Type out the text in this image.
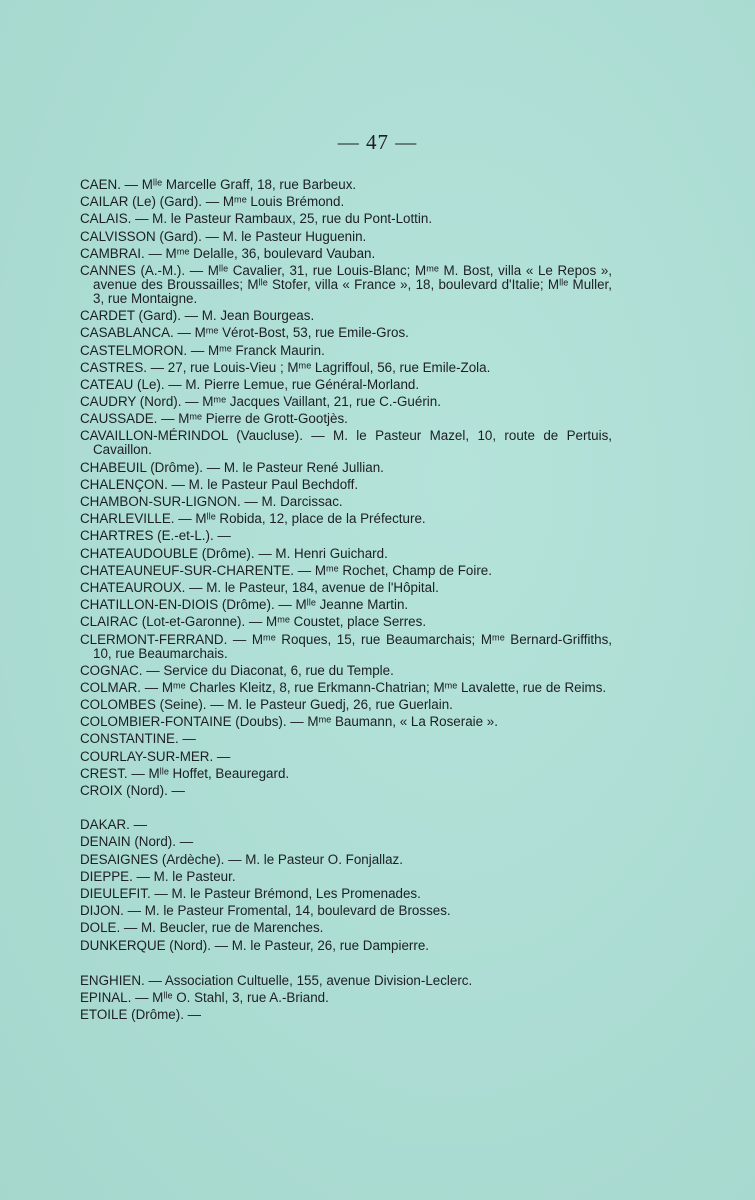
— 47 —

CAEN. — Mˡˡᵉ Marcelle Graff, 18, rue Barbeux.

CAILAR (Le) (Gard). — Mᵐᵉ Louis Brémond.

CALAIS. — M. le Pasteur Rambaux, 25, rue du Pont-Lottin.

CALVISSON (Gard). — M. le Pasteur Huguenin.

CAMBRAI. — Mᵐᵉ Delalle, 36, boulevard Vauban.

CANNES (A.-M.). — Mˡˡᵉ Cavalier, 31, rue Louis-Blanc; Mᵐᵉ M. Bost, villa « Le Repos », avenue des Broussailles; Mˡˡᵉ Stofer, villa « France », 18, boulevard d'Italie; Mˡˡᵉ Muller, 3, rue Montaigne.

CARDET (Gard). — M. Jean Bourgeas.

CASABLANCA. — Mᵐᵉ Vérot-Bost, 53, rue Emile-Gros.

CASTELMORON. — Mᵐᵉ Franck Maurin.

CASTRES. — 27, rue Louis-Vieu ; Mᵐᵉ Lagriffoul, 56, rue Emile-Zola.

CATEAU (Le). — M. Pierre Lemue, rue Général-Morland.

CAUDRY (Nord). — Mᵐᵉ Jacques Vaillant, 21, rue C.-Guérin.

CAUSSADE. — Mᵐᵉ Pierre de Grott-Gootjès.

CAVAILLON-MÉRINDOL (Vaucluse). — M. le Pasteur Mazel, 10, route de Pertuis, Cavaillon.

CHABEUIL (Drôme). — M. le Pasteur René Jullian.

CHALENÇON. — M. le Pasteur Paul Bechdoff.

CHAMBON-SUR-LIGNON. — M. Darcissac.

CHARLEVILLE. — Mˡˡᵉ Robida, 12, place de la Préfecture.

CHARTRES (E.-et-L.). —

CHATEAUDOUBLE (Drôme). — M. Henri Guichard.

CHATEAUNEUF-SUR-CHARENTE. — Mᵐᵉ Rochet, Champ de Foire.

CHATEAUROUX. — M. le Pasteur, 184, avenue de l'Hôpital.

CHATILLON-EN-DIOIS (Drôme). — Mˡˡᵉ Jeanne Martin.

CLAIRAC (Lot-et-Garonne). — Mᵐᵉ Coustet, place Serres.

CLERMONT-FERRAND. — Mᵐᵉ Roques, 15, rue Beaumarchais; Mᵐᵉ Bernard-Griffiths, 10, rue Beaumarchais.

COGNAC. — Service du Diaconat, 6, rue du Temple.

COLMAR. — Mᵐᵉ Charles Kleitz, 8, rue Erkmann-Chatrian; Mᵐᵉ Lavalette, rue de Reims.

COLOMBES (Seine). — M. le Pasteur Guedj, 26, rue Guerlain.

COLOMBIER-FONTAINE (Doubs). — Mᵐᵉ Baumann, « La Roseraie ».

CONSTANTINE. —

COURLAY-SUR-MER. —

CREST. — Mˡˡᵉ Hoffet, Beauregard.

CROIX (Nord). —

DAKAR. —

DENAIN (Nord). —

DESAIGNES (Ardèche). — M. le Pasteur O. Fonjallaz.

DIEPPE. — M. le Pasteur.

DIEULEFIT. — M. le Pasteur Brémond, Les Promenades.

DIJON. — M. le Pasteur Fromental, 14, boulevard de Brosses.

DOLE. — M. Beucler, rue de Marenches.

DUNKERQUE (Nord). — M. le Pasteur, 26, rue Dampierre.

ENGHIEN. — Association Cultuelle, 155, avenue Division-Leclerc.

EPINAL. — Mˡˡᵉ O. Stahl, 3, rue A.-Briand.

ETOILE (Drôme). —
